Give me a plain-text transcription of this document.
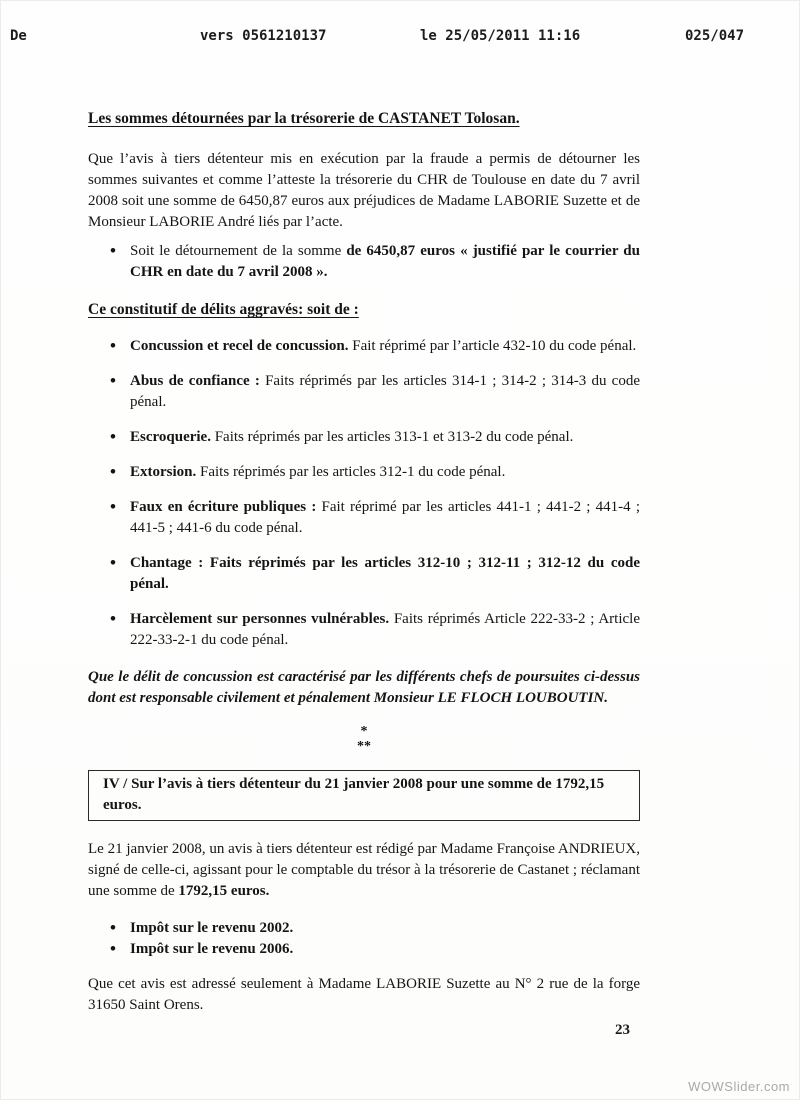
De	vers 0561210137	le 25/05/2011 11:16	025/047
Les sommes détournées par la trésorerie de CASTANET Tolosan.

Que l’avis à tiers détenteur mis en exécution par la fraude a permis de détourner les sommes suivantes et comme l’atteste la trésorerie du CHR de Toulouse en date du 7 avril 2008 soit une somme de 6450,87 euros aux préjudices de Madame LABORIE Suzette et de Monsieur LABORIE André liés par l’acte.

• Soit le détournement de la somme de 6450,87 euros « justifié par le courrier du CHR en date du 7 avril 2008 ».
Ce constitutif de délits aggravés: soit de :
• Concussion et recel de concussion. Fait réprimé par l’article 432-10 du code pénal.
• Abus de confiance : Faits réprimés par les articles 314-1 ; 314-2 ; 314-3 du code pénal.
• Escroquerie. Faits réprimés par les articles 313-1 et 313-2 du code pénal.
• Extorsion. Faits réprimés par les articles 312-1 du code pénal.
• Faux en écriture publiques : Fait réprimé par les articles 441-1 ; 441-2 ; 441-4 ; 441-5 ; 441-6 du code pénal.
• Chantage : Faits réprimés par les articles 312-10 ; 312-11 ; 312-12 du code pénal.
• Harcèlement sur personnes vulnérables. Faits réprimés Article 222-33-2 ; Article 222-33-2-1 du code pénal.

Que le délit de concussion est caractérisé par les différents chefs de poursuites ci-dessus dont est responsable civilement et pénalement Monsieur LE FLOCH LOUBOUTIN.

*
**
IV / Sur l’avis à tiers détenteur du 21 janvier 2008 pour une somme de 1792,15 euros.

Le 21 janvier 2008, un avis à tiers détenteur est rédigé par Madame Françoise ANDRIEUX, signé de celle-ci, agissant pour le comptable du trésor à la trésorerie de Castanet ; réclamant une somme de 1792,15 euros.

• Impôt sur le revenu 2002.
• Impôt sur le revenu 2006.

Que cet avis est adressé seulement à Madame LABORIE Suzette au N° 2 rue de la forge 31650 Saint Orens.

23
WOWSlider.com
